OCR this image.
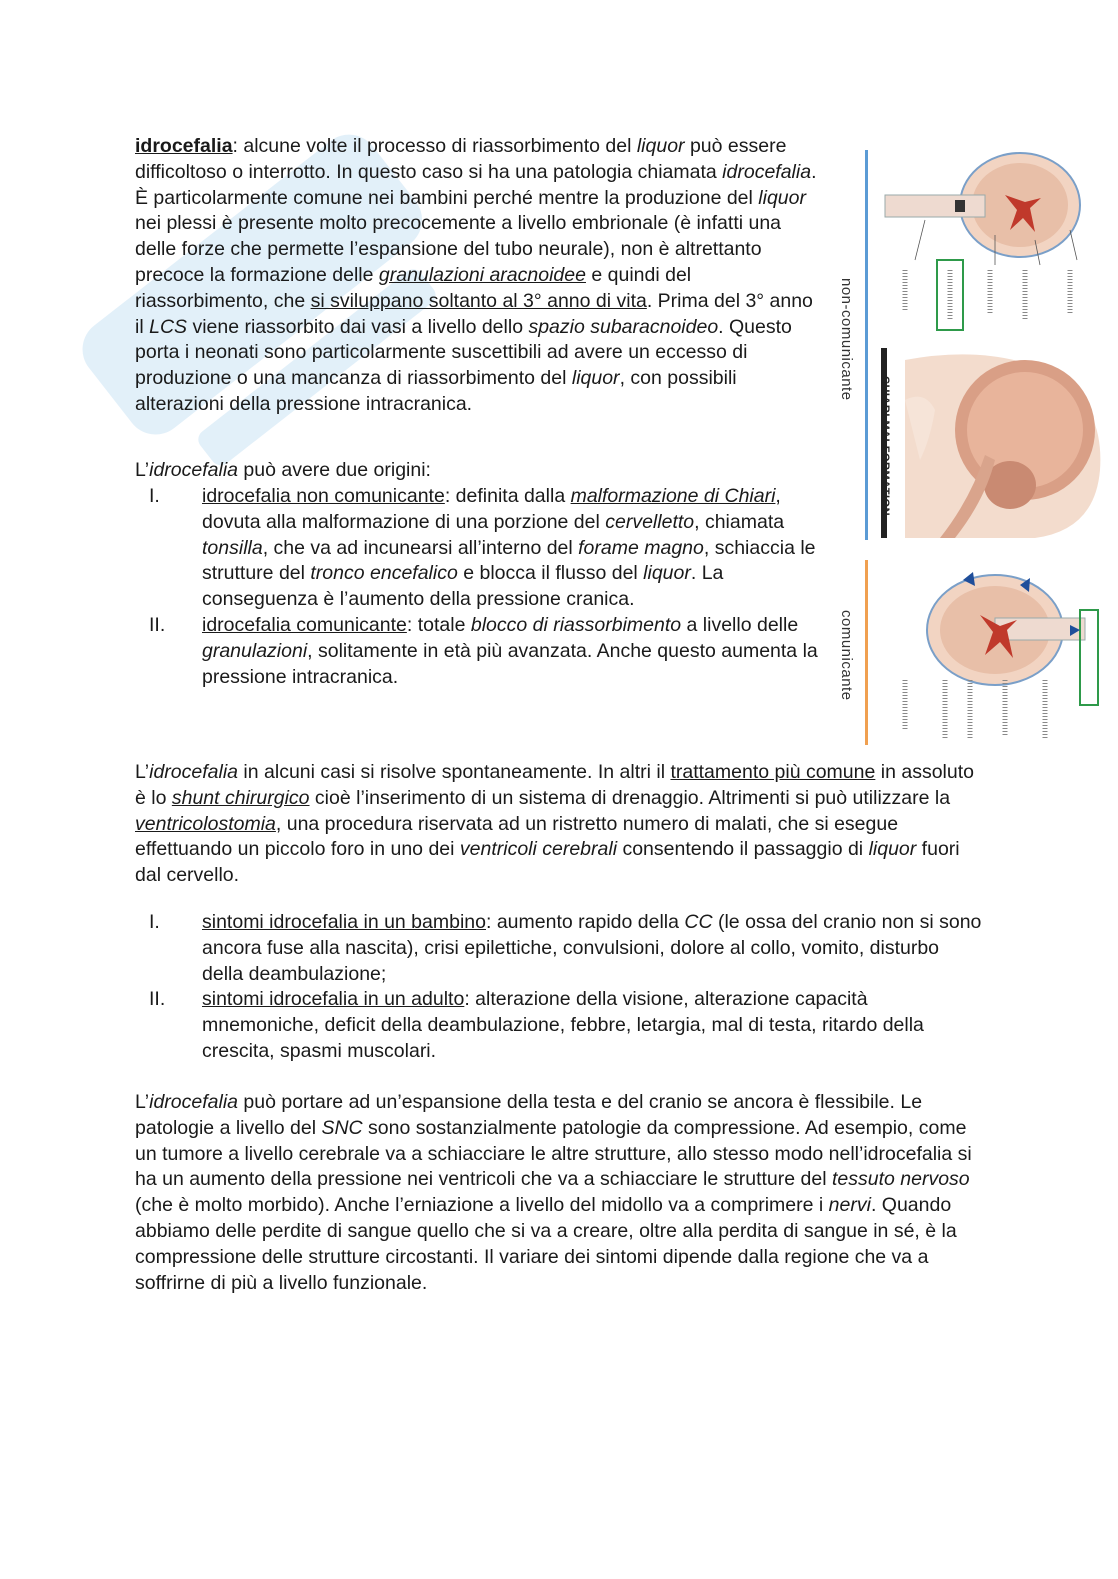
idrocefalia: alcune volte il processo di riassorbimento del liquor può essere difficoltoso o interrotto. In questo caso si ha una patologia chiamata idrocefalia. È particolarmente comune nei bambini perché mentre la produzione del liquor nei plessi è presente molto precocemente a livello embrionale (è infatti una delle forze che permette l’espansione del tubo neurale), non è altrettanto precoce la formazione delle granulazioni aracnoidee e quindi del riassorbimento, che si sviluppano soltanto al 3° anno di vita. Prima del 3° anno il LCS viene riassorbito dai vasi a livello dello spazio subaracnoideo. Questo porta i neonati sono particolarmente suscettibili ad avere un eccesso di produzione o una mancanza di riassorbimento del liquor, con possibili alterazioni della pressione intracranica.

L’idrocefalia può avere due origini:

I. idrocefalia non comunicante: definita dalla malformazione di Chiari, dovuta alla malformazione di una porzione del cervelletto, chiamata tonsilla, che va ad incunearsi all’interno del forame magno, schiaccia le strutture del tronco encefalico e blocca il flusso del liquor. La conseguenza è l’aumento della pressione cranica.
II. idrocefalia comunicante: totale blocco di riassorbimento a livello delle granulazioni, solitamente in età più avanzata. Anche questo aumenta la pressione intracranica.

L’idrocefalia in alcuni casi si risolve spontaneamente. In altri il trattamento più comune in assoluto è lo shunt chirurgico cioè l’inserimento di un sistema di drenaggio. Altrimenti si può utilizzare la ventricolostomia, una procedura riservata ad un ristretto numero di malati, che si esegue effettuando un piccolo foro in uno dei ventricoli cerebrali consentendo il passaggio di liquor fuori dal cervello.

I. sintomi idrocefalia in un bambino: aumento rapido della CC (le ossa del cranio non si sono ancora fuse alla nascita), crisi epilettiche, convulsioni, dolore al collo, vomito, disturbo della deambulazione;
II. sintomi idrocefalia in un adulto: alterazione della visione, alterazione capacità mnemoniche, deficit della deambulazione, febbre, letargia, mal di testa, ritardo della crescita, spasmi muscolari.

L’idrocefalia può portare ad un’espansione della testa e del cranio se ancora è flessibile. Le patologie a livello del SNC sono sostanzialmente patologie da compressione. Ad esempio, come un tumore a livello cerebrale va a schiacciare le altre strutture, allo stesso modo nell’idrocefalia si ha un aumento della pressione nei ventricoli che va a schiacciare le strutture del tessuto nervoso (che è molto morbido). Anche l’erniazione a livello del midollo va a comprimere i nervi. Quando abbiamo delle perdite di sangue quello che si va a creare, oltre alla perdita di sangue in sé, è la compressione delle strutture circostanti. Il variare dei sintomi dipende dalla regione che va a soffrirne di più a livello funzionale.

non-comunicante
CHIARI MALFORMATION
comunicante
